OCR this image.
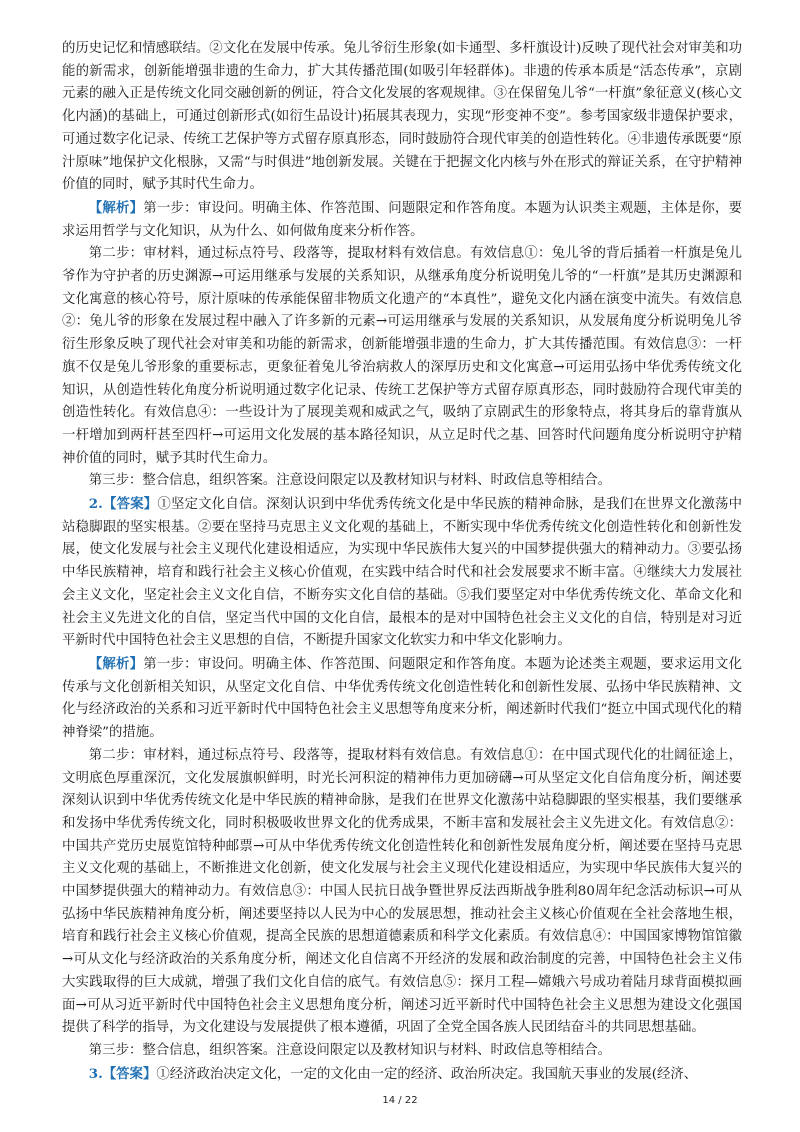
的历史记忆和情感联结。②文化在发展中传承。兔儿爷衍生形象(如卡通型、多杆旗设计)反映了现代社会对审美和功能的新需求，创新能增强非遗的生命力，扩大其传播范围(如吸引年轻群体)。非遗的传承本质是“活态传承”，京剧元素的融入正是传统文化同交融创新的例证，符合文化发展的客观规律。③在保留兔儿爷“一杆旗”象征意义(核心文化内涵)的基础上，可通过创新形式(如衍生品设计)拓展其表现力，实现“形变神不变”。参考国家级非遗保护要求，可通过数字化记录、传统工艺保护等方式留存原真形态，同时鼓励符合现代审美的创造性转化。④非遗传承既要“原汁原味”地保护文化根脉，又需“与时俱进”地创新发展。关键在于把握文化内核与外在形式的辩证关系，在守护精神价值的同时，赋予其时代生命力。

【解析】第一步：审设问。明确主体、作答范围、问题限定和作答角度。本题为认识类主观题，主体是你，要求运用哲学与文化知识，从为什么、如何做角度来分析作答。

第二步：审材料，通过标点符号、段落等，提取材料有效信息。有效信息①：兔儿爷的背后插着一杆旗是兔儿爷作为守护者的历史渊源→可运用继承与发展的关系知识，从继承角度分析说明兔儿爷的“一杆旗”是其历史渊源和文化寓意的核心符号，原汁原味的传承能保留非物质文化遗产的“本真性”，避免文化内涵在演变中流失。有效信息②：兔儿爷的形象在发展过程中融入了许多新的元素→可运用继承与发展的关系知识，从发展角度分析说明兔儿爷衍生形象反映了现代社会对审美和功能的新需求，创新能增强非遗的生命力，扩大其传播范围。有效信息③：一杆旗不仅是兔儿爷形象的重要标志，更象征着兔儿爷治病救人的深厚历史和文化寓意→可运用弘扬中华优秀传统文化知识，从创造性转化角度分析说明通过数字化记录、传统工艺保护等方式留存原真形态，同时鼓励符合现代审美的创造性转化。有效信息④：一些设计为了展现美观和威武之气，吸纳了京剧武生的形象特点，将其身后的靠背旗从一杆增加到两杆甚至四杆→可运用文化发展的基本路径知识，从立足时代之基、回答时代问题角度分析说明守护精神价值的同时，赋予其时代生命力。

第三步：整合信息，组织答案。注意设问限定以及教材知识与材料、时政信息等相结合。

2.【答案】①坚定文化自信。深刻认识到中华优秀传统文化是中华民族的精神命脉，是我们在世界文化激荡中站稳脚跟的坚实根基。②要在坚持马克思主义文化观的基础上，不断实现中华优秀传统文化创造性转化和创新性发展，使文化发展与社会主义现代化建设相适应，为实现中华民族伟大复兴的中国梦提供强大的精神动力。③要弘扬中华民族精神，培育和践行社会主义核心价值观，在实践中结合时代和社会发展要求不断丰富。④继续大力发展社会主义文化，坚定社会主义文化自信，不断夯实文化自信的基础。⑤我们要坚定对中华优秀传统文化、革命文化和社会主义先进文化的自信，坚定当代中国的文化自信，最根本的是对中国特色社会主义文化的自信，特别是对习近平新时代中国特色社会主义思想的自信，不断提升国家文化软实力和中华文化影响力。

【解析】第一步：审设问。明确主体、作答范围、问题限定和作答角度。本题为论述类主观题，要求运用文化传承与文化创新相关知识，从坚定文化自信、中华优秀传统文化创造性转化和创新性发展、弘扬中华民族精神、文化与经济政治的关系和习近平新时代中国特色社会主义思想等角度来分析，阐述新时代我们“挺立中国式现代化的精神脊梁”的措施。

第二步：审材料，通过标点符号、段落等，提取材料有效信息。有效信息①：在中国式现代化的壮阔征途上，文明底色厚重深沉，文化发展旗帜鲜明，时光长河积淀的精神伟力更加磅礴→可从坚定文化自信角度分析，阐述要深刻认识到中华优秀传统文化是中华民族的精神命脉，是我们在世界文化激荡中站稳脚跟的坚实根基，我们要继承和发扬中华优秀传统文化，同时积极吸收世界文化的优秀成果，不断丰富和发展社会主义先进文化。有效信息②：中国共产党历史展览馆特种邮票→可从中华优秀传统文化创造性转化和创新性发展角度分析，阐述要在坚持马克思主义文化观的基础上，不断推进文化创新，使文化发展与社会主义现代化建设相适应，为实现中华民族伟大复兴的中国梦提供强大的精神动力。有效信息③：中国人民抗日战争暨世界反法西斯战争胜利80周年纪念活动标识→可从弘扬中华民族精神角度分析，阐述要坚持以人民为中心的发展思想，推动社会主义核心价值观在全社会落地生根，培育和践行社会主义核心价值观，提高全民族的思想道德素质和科学文化素质。有效信息④：中国国家博物馆馆徽→可从文化与经济政治的关系角度分析，阐述文化自信离不开经济的发展和政治制度的完善，中国特色社会主义伟大实践取得的巨大成就，增强了我们文化自信的底气。有效信息⑤：探月工程—嫦娥六号成功着陆月球背面模拟画面→可从习近平新时代中国特色社会主义思想角度分析，阐述习近平新时代中国特色社会主义思想为建设文化强国提供了科学的指导，为文化建设与发展提供了根本遵循，巩固了全党全国各族人民团结奋斗的共同思想基础。

第三步：整合信息，组织答案。注意设问限定以及教材知识与材料、时政信息等相结合。

3.【答案】①经济政治决定文化，一定的文化由一定的经济、政治所决定。我国航天事业的发展(经济、

14 / 22
